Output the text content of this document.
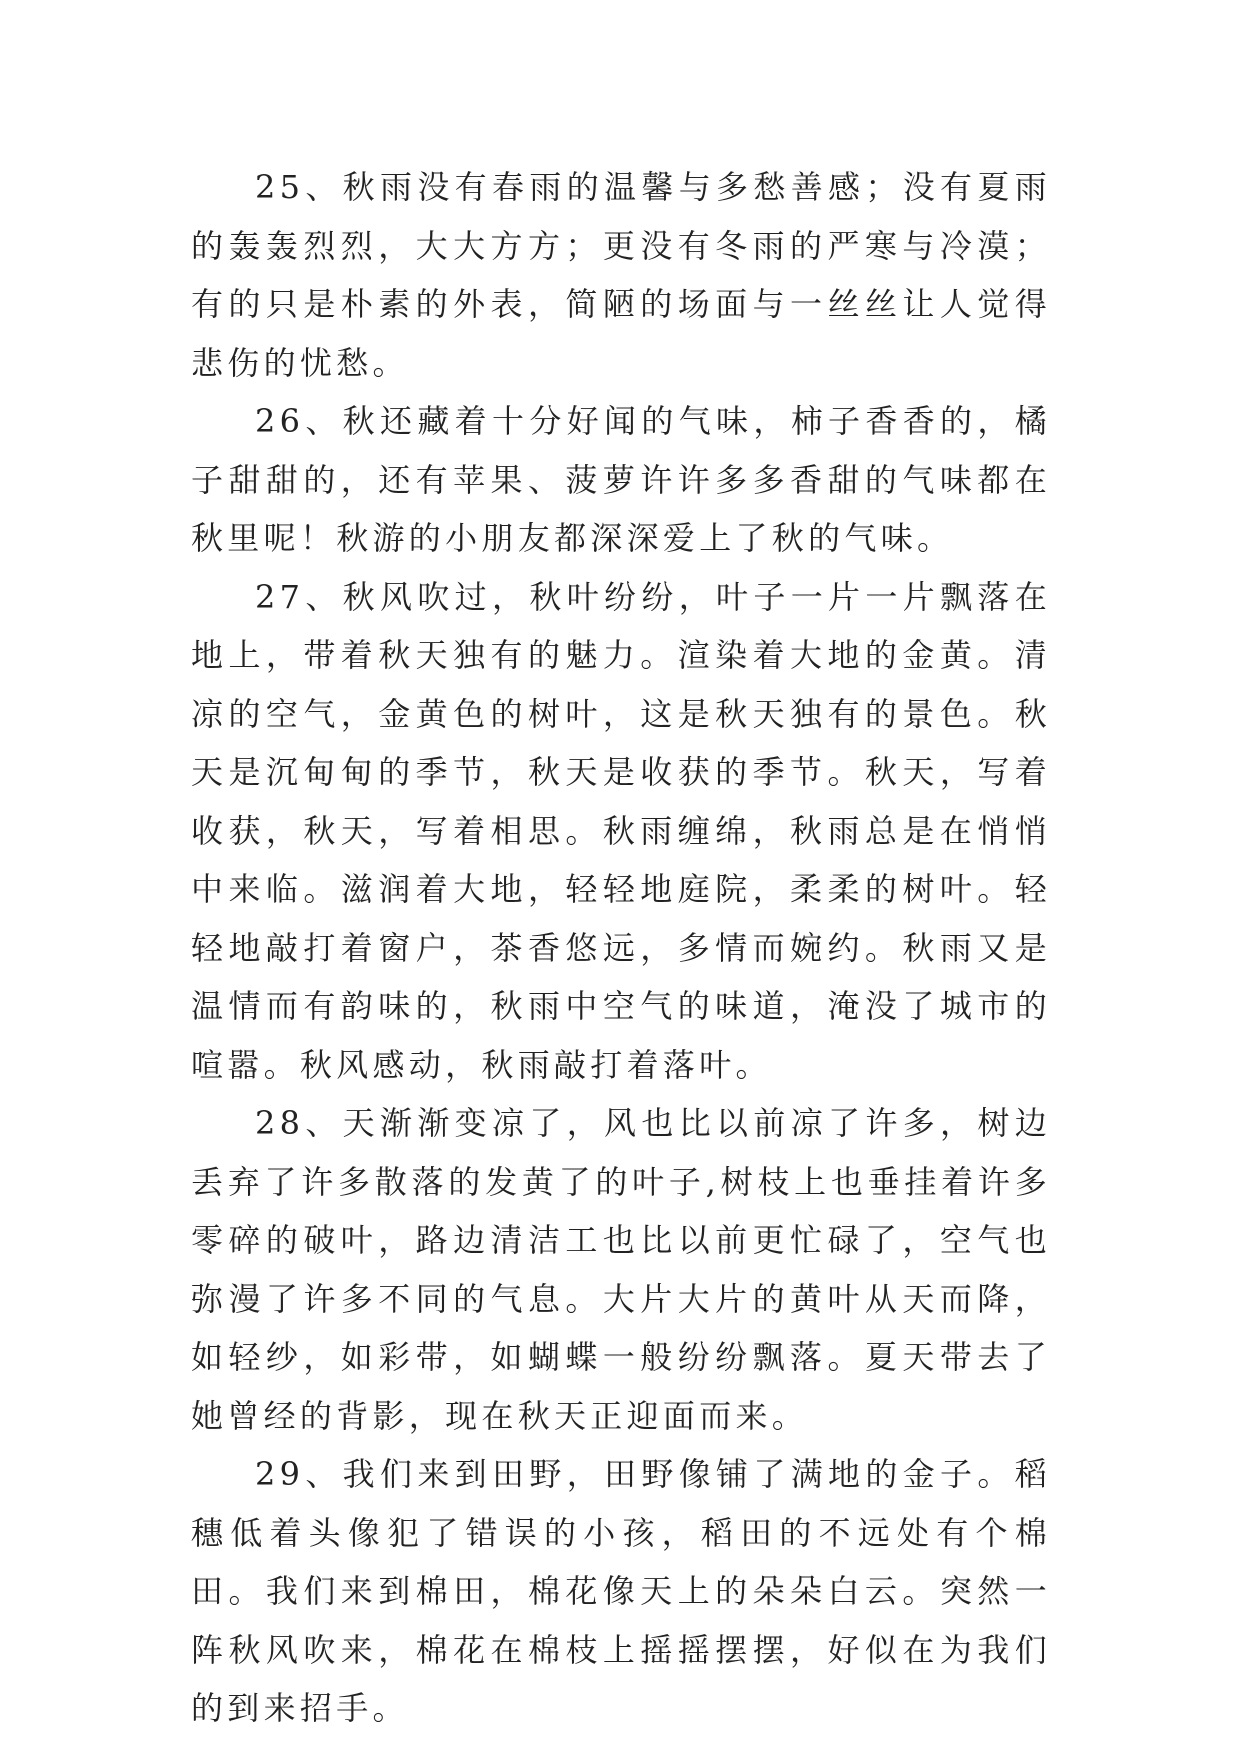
25、秋雨没有春雨的温馨与多愁善感；没有夏雨的轰轰烈烈，大大方方；更没有冬雨的严寒与冷漠；有的只是朴素的外表，简陋的场面与一丝丝让人觉得悲伤的忧愁。

26、秋还藏着十分好闻的气味，柿子香香的，橘子甜甜的，还有苹果、菠萝许许多多香甜的气味都在秋里呢！秋游的小朋友都深深爱上了秋的气味。

27、秋风吹过，秋叶纷纷，叶子一片一片飘落在地上，带着秋天独有的魅力。渲染着大地的金黄。清凉的空气，金黄色的树叶，这是秋天独有的景色。秋天是沉甸甸的季节，秋天是收获的季节。秋天，写着收获，秋天，写着相思。秋雨缠绵，秋雨总是在悄悄中来临。滋润着大地，轻轻地庭院，柔柔的树叶。轻轻地敲打着窗户，茶香悠远，多情而婉约。秋雨又是温情而有韵味的，秋雨中空气的味道，淹没了城市的喧嚣。秋风感动，秋雨敲打着落叶。

28、天渐渐变凉了，风也比以前凉了许多，树边丢弃了许多散落的发黄了的叶子,树枝上也垂挂着许多零碎的破叶，路边清洁工也比以前更忙碌了，空气也弥漫了许多不同的气息。大片大片的黄叶从天而降，如轻纱，如彩带，如蝴蝶一般纷纷飘落。夏天带去了她曾经的背影，现在秋天正迎面而来。

29、我们来到田野，田野像铺了满地的金子。稻穗低着头像犯了错误的小孩，稻田的不远处有个棉田。我们来到棉田，棉花像天上的朵朵白云。突然一阵秋风吹来，棉花在棉枝上摇摇摆摆，好似在为我们的到来招手。
